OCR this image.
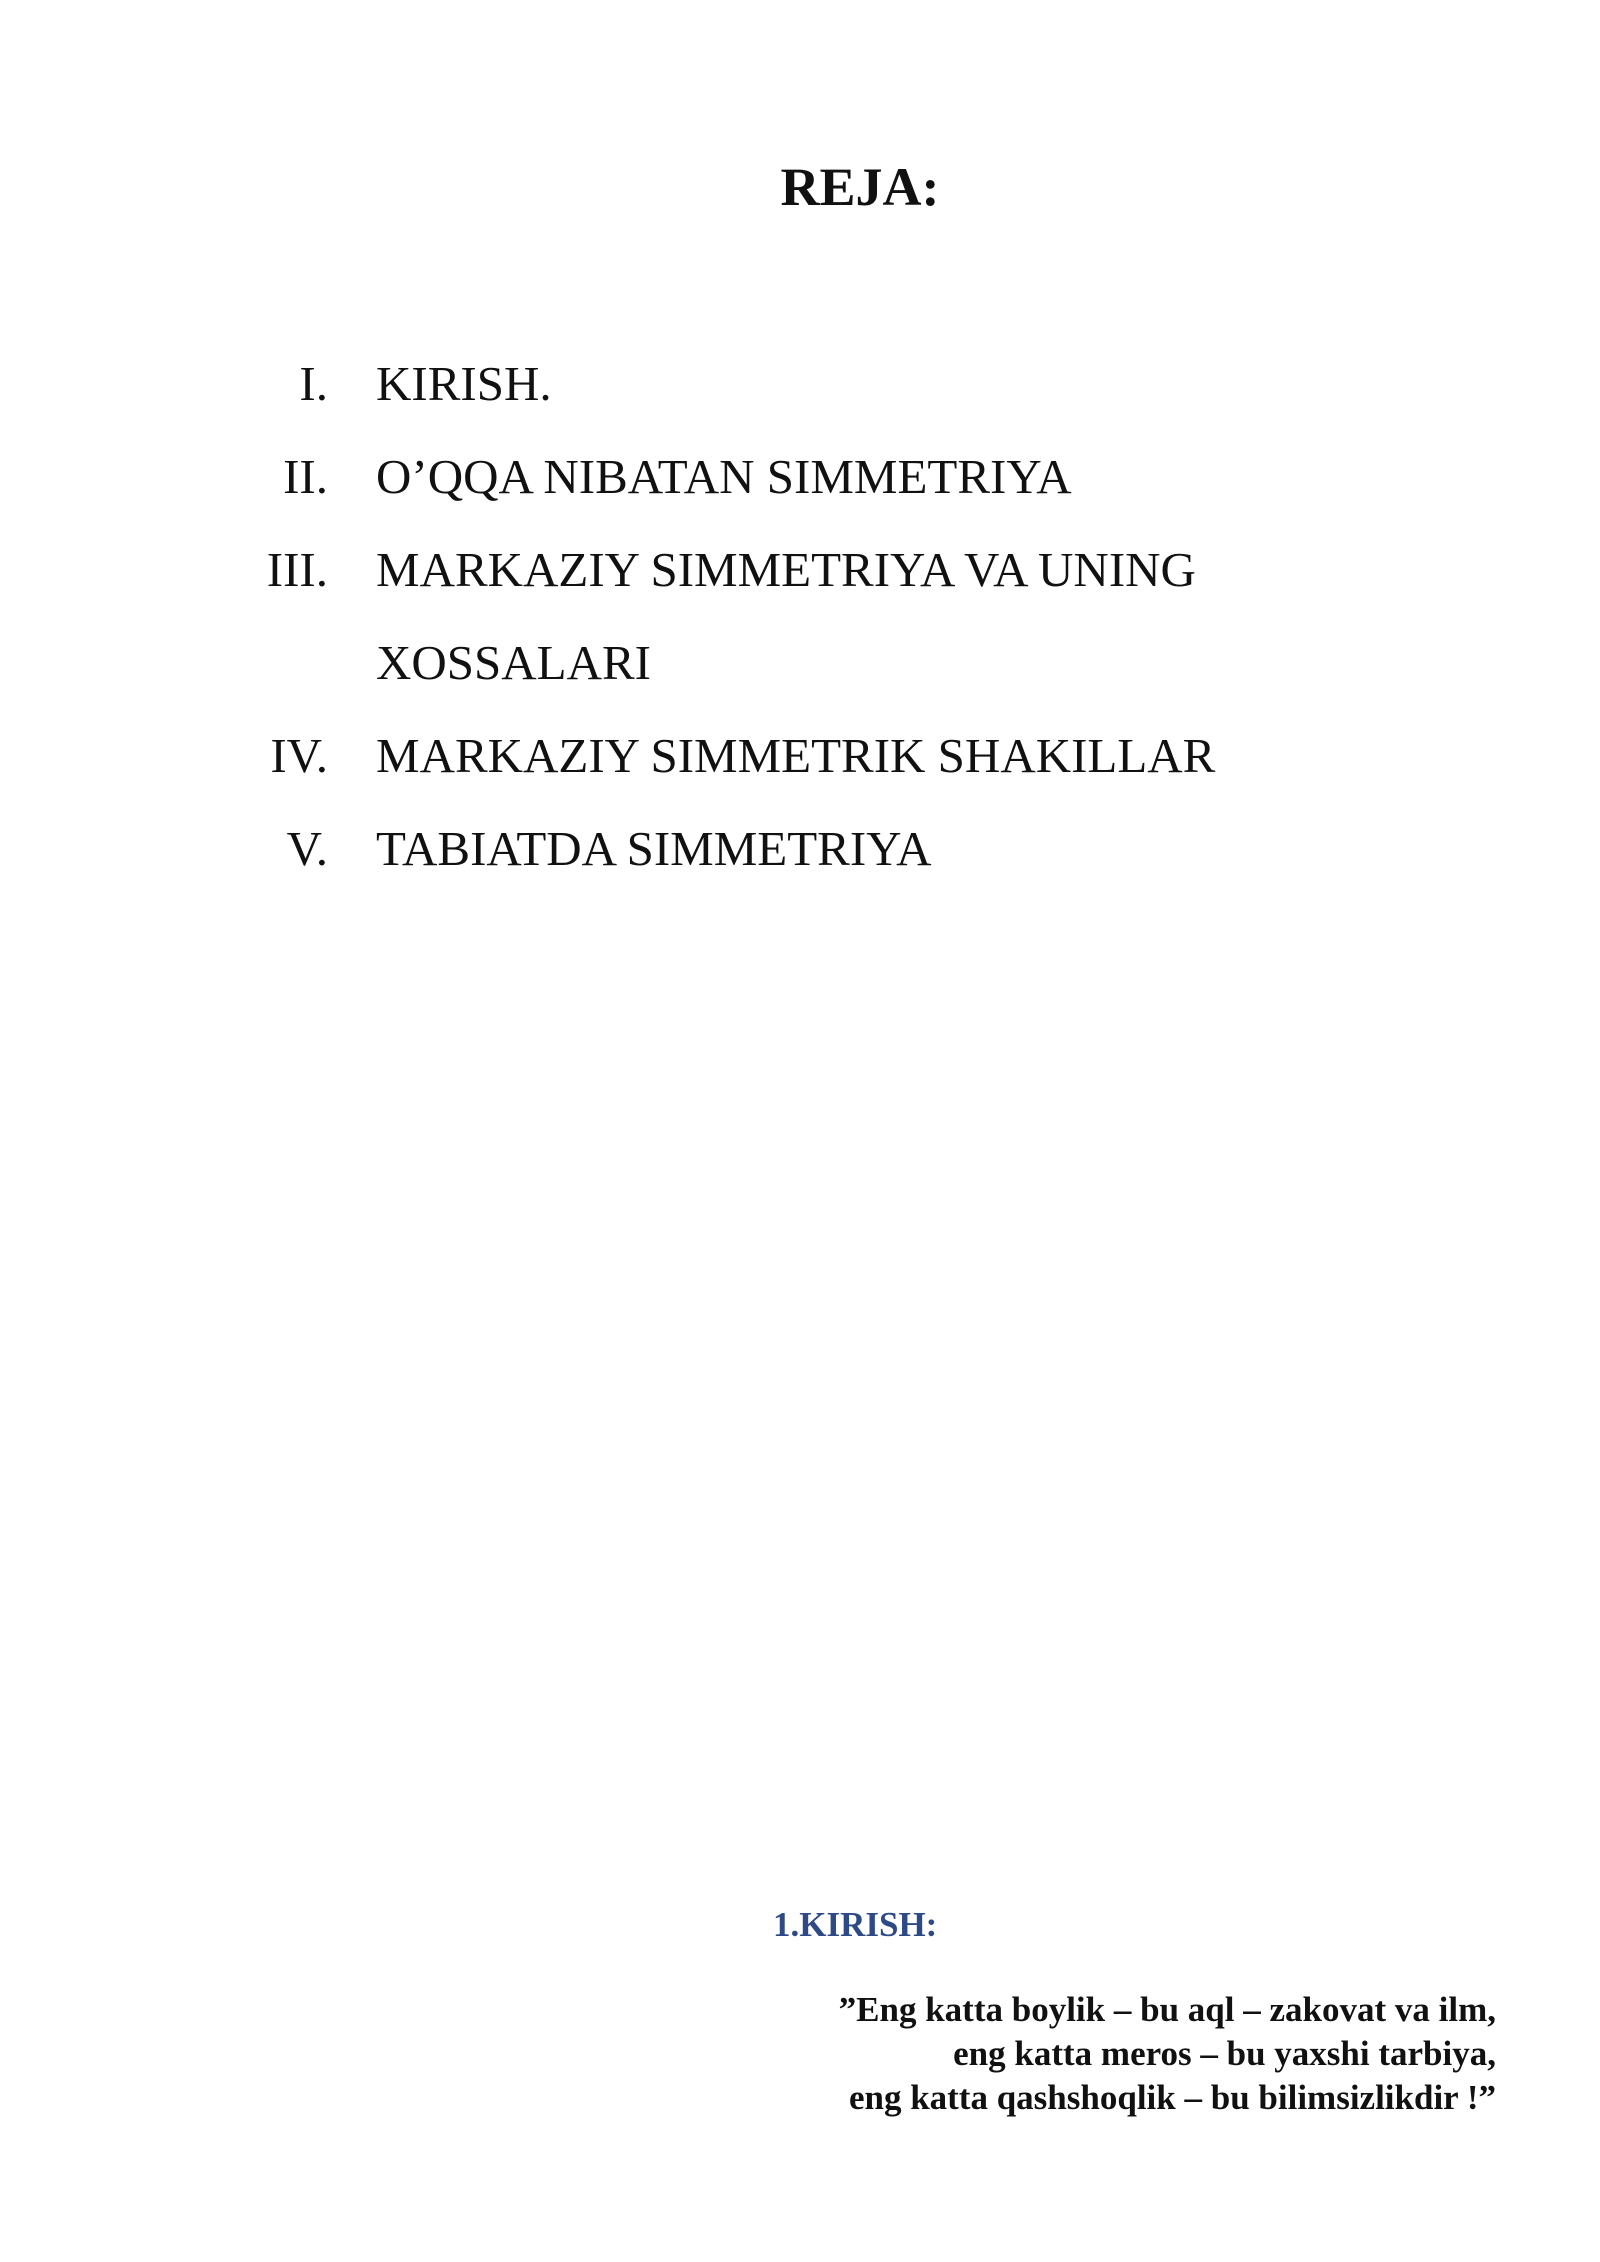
REJA:
I. KIRISH.
II. O’QQA NIBATAN SIMMETRIYA
III. MARKAZIY SIMMETRIYA VA UNING XOSSALARI
IV. MARKAZIY SIMMETRIK SHAKILLAR
V. TABIATDA SIMMETRIYA
1.KIRISH:
”Eng katta boylik – bu aql – zakovat va ilm,
eng katta meros – bu yaxshi tarbiya,
eng katta qashshoqlik – bu bilimsizlikdir !”
